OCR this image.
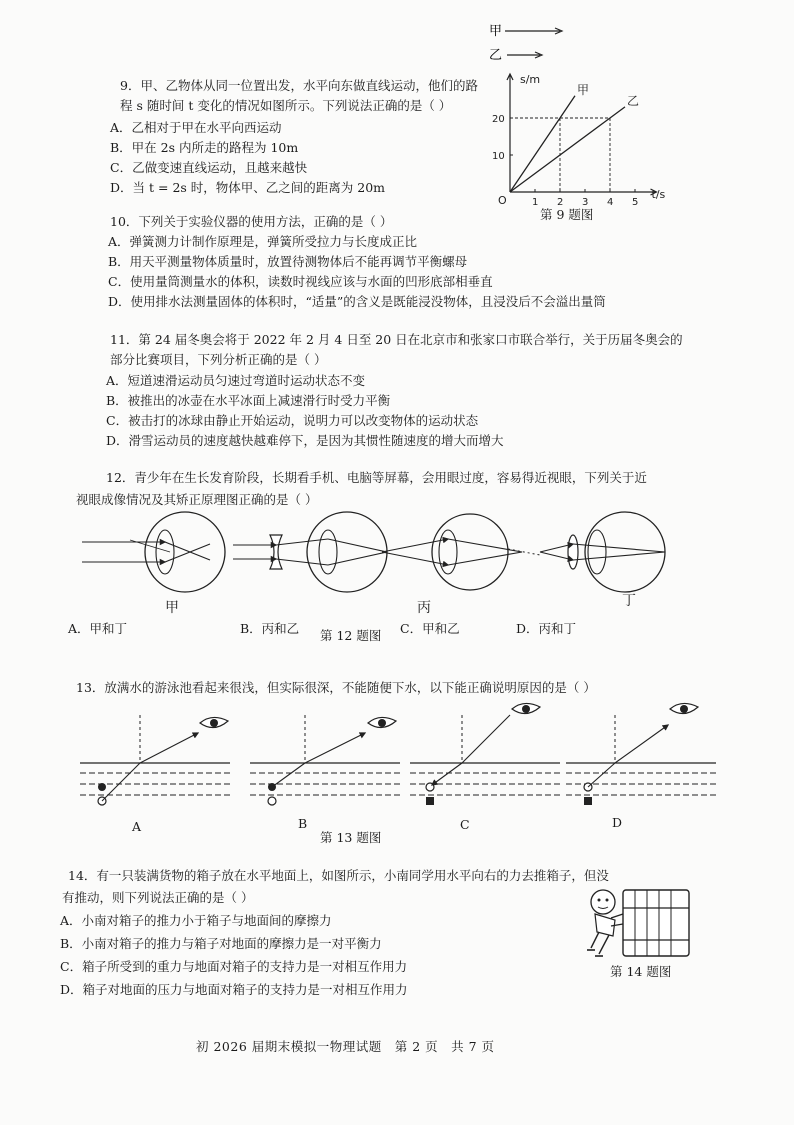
9．甲、乙物体从同一位置出发，水平向东做直线运动，他们的路
程 s 随时间 t 变化的情况如图所示。下列说法正确的是（ ）
A．乙相对于甲在水平向西运动
B．甲在 2s 内所走的路程为 10m
C．乙做变速直线运动，且越来越快
D．当 t = 2s 时，物体甲、乙之间的距离为 20m
甲
乙
s/m
t/s
O	1 2 3 4 5
10
20
甲
乙
第 9 题图
10．下列关于实验仪器的使用方法，正确的是（ ）
A．弹簧测力计制作原理是，弹簧所受拉力与长度成正比
B．用天平测量物体质量时，放置待测物体后不能再调节平衡螺母
C．使用量筒测量水的体积，读数时视线应该与水面的凹形底部相垂直
D．使用排水法测量固体的体积时，“适量”的含义是既能浸没物体，且浸没后不会溢出量筒
11．第 24 届冬奥会将于 2022 年 2 月 4 日至 20 日在北京市和张家口市联合举行，关于历届冬奥会的
部分比赛项目，下列分析正确的是（ ）
A．短道速滑运动员匀速过弯道时运动状态不变
B．被推出的冰壶在水平冰面上减速滑行时受力平衡
C．被击打的冰球由静止开始运动，说明力可以改变物体的运动状态
D．滑雪运动员的速度越快越难停下，是因为其惯性随速度的增大而增大
12．青少年在生长发育阶段，长期看手机、电脑等屏幕，会用眼过度，容易得近视眼，下列关于近
视眼成像情况及其矫正原理图正确的是（ ）
甲	丙	丁
A．甲和丁	B．丙和乙 第 12 题图 C．甲和乙	D．丙和丁
13．放满水的游泳池看起来很浅，但实际很深，不能随便下水，以下能正确说明原因的是（ ）
A	B
第 13 题图
C	D
14．有一只装满货物的箱子放在水平地面上，如图所示，小南同学用水平向右的力去推箱子，但没
有推动，则下列说法正确的是（ ）
A．小南对箱子的推力小于箱子与地面间的摩擦力
B．小南对箱子的推力与箱子对地面的摩擦力是一对平衡力
C．箱子所受到的重力与地面对箱子的支持力是一对相互作用力
D．箱子对地面的压力与地面对箱子的支持力是一对相互作用力
第 14 题图
初 2026 届期末模拟一物理试题　第 2 页　共 7 页
